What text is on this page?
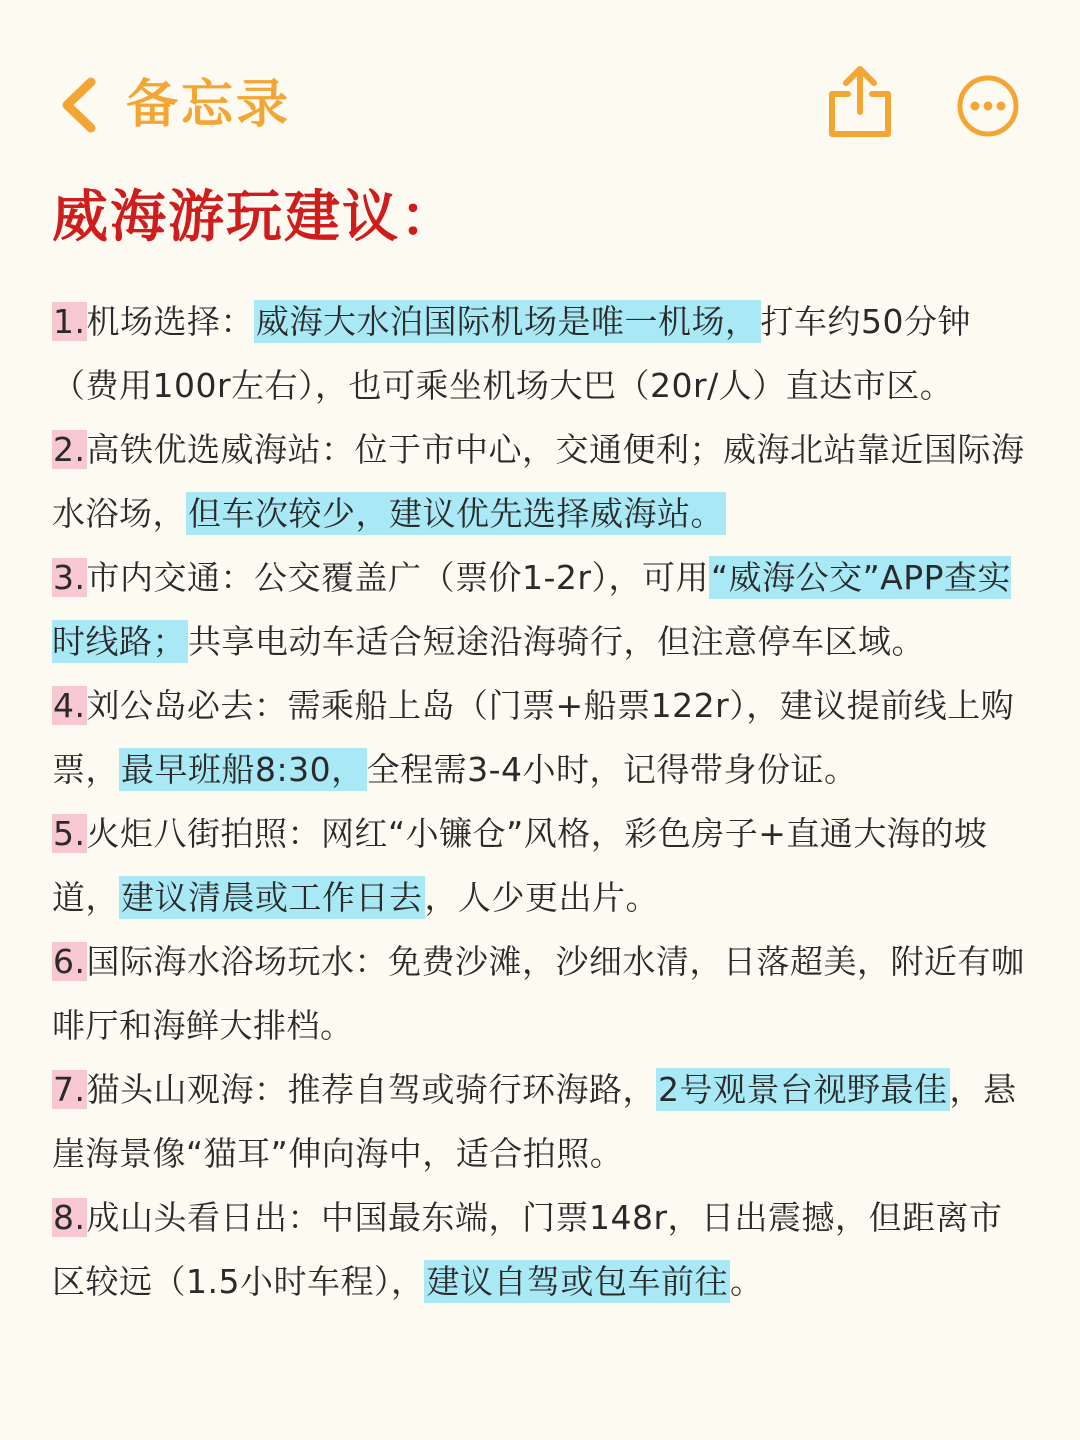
备忘录
威海游玩建议：
1.机场选择：威海大水泊国际机场是唯一机场，打车约50分钟（费用100r左右），也可乘坐机场大巴（20r/人）直达市区。
2.高铁优选威海站：位于市中心，交通便利；威海北站靠近国际海水浴场，但车次较少，建议优先选择威海站。
3.市内交通：公交覆盖广（票价1-2r），可用“威海公交”APP查实时线路；共享电动车适合短途沿海骑行，但注意停车区域。
4.刘公岛必去：需乘船上岛（门票+船票122r），建议提前线上购票，最早班船8:30，全程需3-4小时，记得带身份证。
5.火炬八街拍照：网红“小镰仓”风格，彩色房子+直通大海的坡道，建议清晨或工作日去，人少更出片。
6.国际海水浴场玩水：免费沙滩，沙细水清，日落超美，附近有咖啡厅和海鲜大排档。
7.猫头山观海：推荐自驾或骑行环海路，2号观景台视野最佳，悬崖海景像“猫耳”伸向海中，适合拍照。
8.成山头看日出：中国最东端，门票148r，日出震撼，但距离市区较远（1.5小时车程），建议自驾或包车前往。
